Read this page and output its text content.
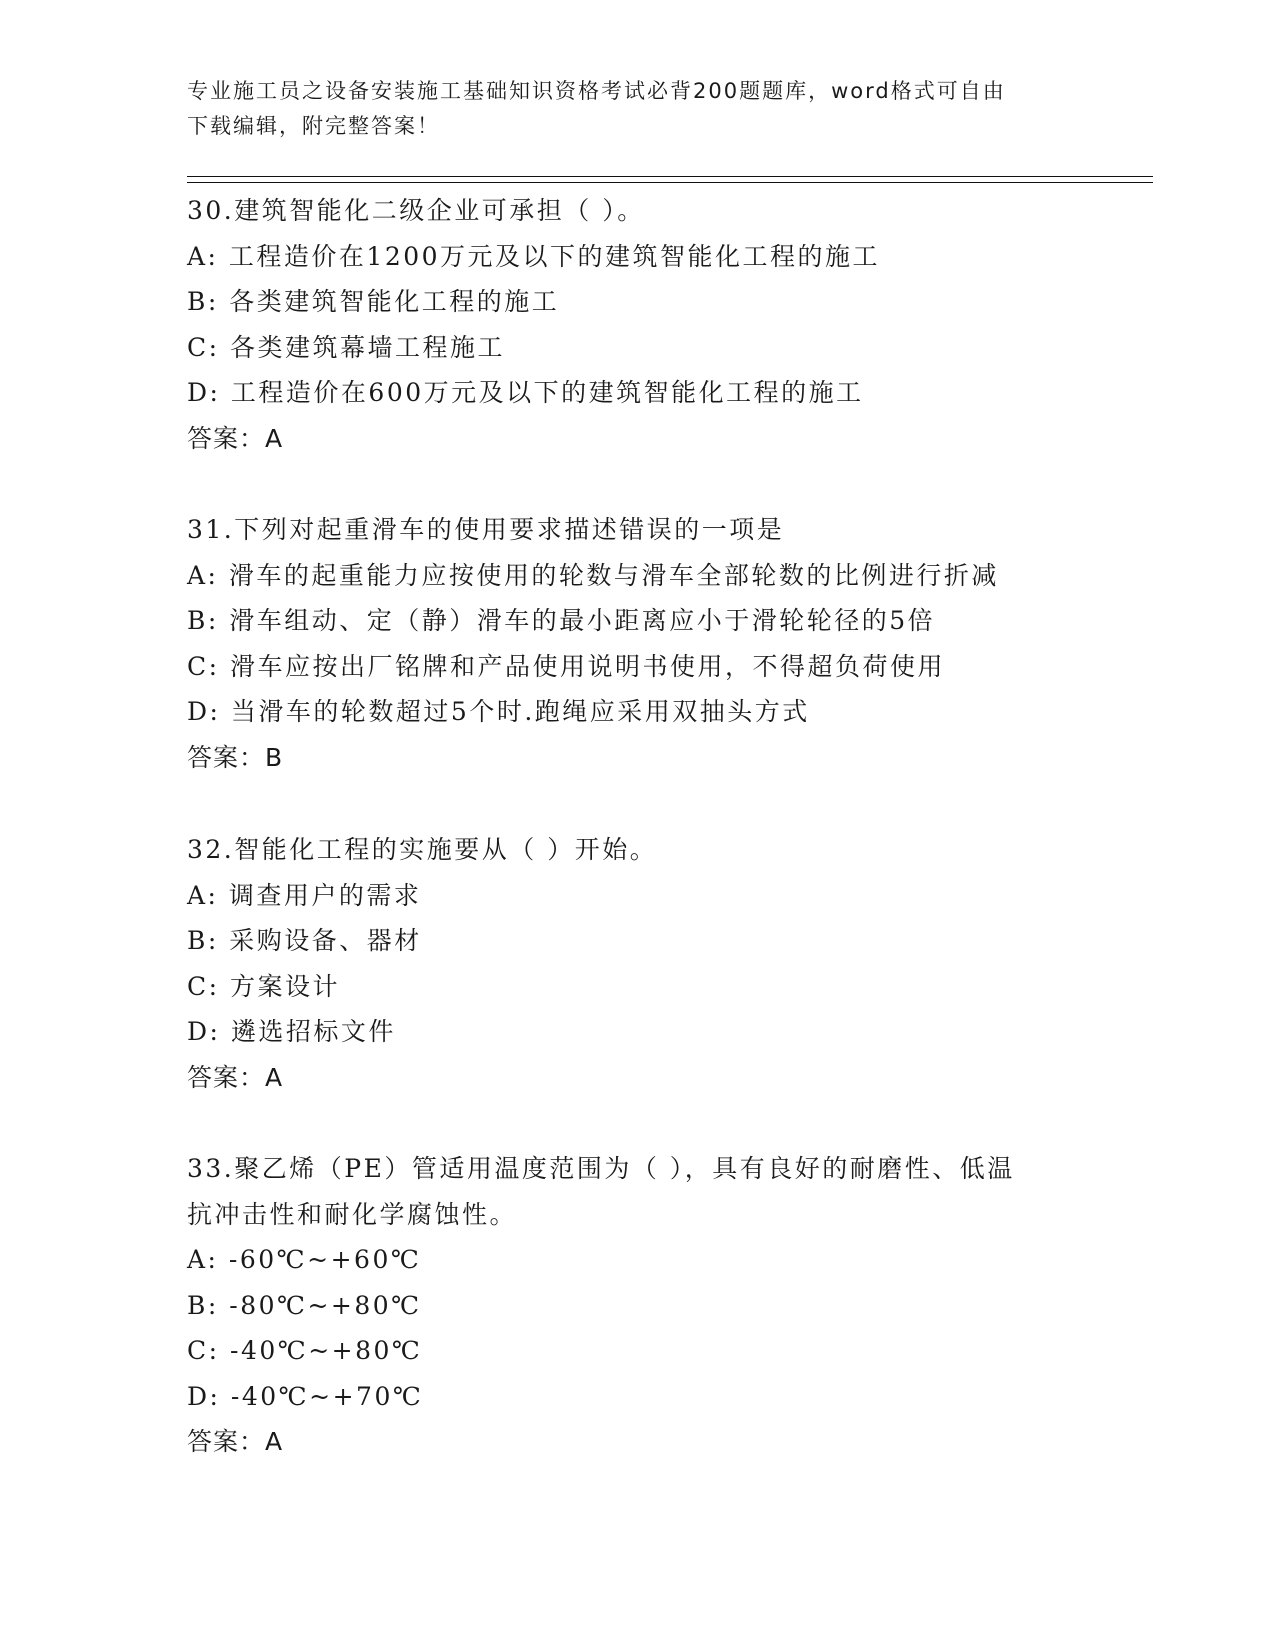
专业施工员之设备安装施工基础知识资格考试必背200题题库，word格式可自由
下载编辑，附完整答案！
30.建筑智能化二级企业可承担（ ）。
A: 工程造价在1200万元及以下的建筑智能化工程的施工
B: 各类建筑智能化工程的施工
C: 各类建筑幕墙工程施工
D: 工程造价在600万元及以下的建筑智能化工程的施工
答案：A
31.下列对起重滑车的使用要求描述错误的一项是
A: 滑车的起重能力应按使用的轮数与滑车全部轮数的比例进行折减
B: 滑车组动、定（静）滑车的最小距离应小于滑轮轮径的5倍
C: 滑车应按出厂铭牌和产品使用说明书使用，不得超负荷使用
D: 当滑车的轮数超过5个时.跑绳应采用双抽头方式
答案：B
32.智能化工程的实施要从（ ）开始。
A: 调查用户的需求
B: 采购设备、器材
C: 方案设计
D: 遴选招标文件
答案：A
33.聚乙烯（PE）管适用温度范围为（ ），具有良好的耐磨性、低温
抗冲击性和耐化学腐蚀性。
A: -60℃~+60℃
B: -80℃~+80℃
C: -40℃~+80℃
D: -40℃~+70℃
答案：A
